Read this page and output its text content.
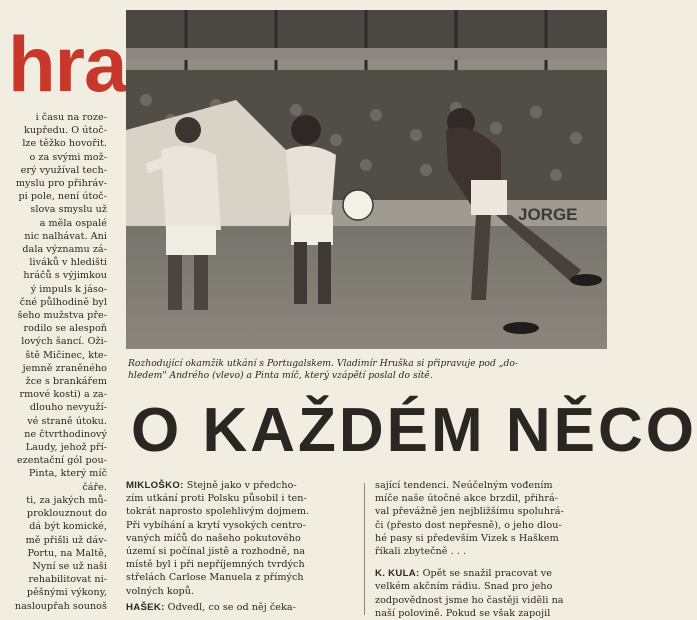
hra

i času na roze-

kupředu. O útoč-

lze těžko hovořit.

o za svými mož-

erý využíval tech-

myslu pro přihráv-

pi pole, není útoč-

slova smyslu už

a měla ospalé

nic nalhávat. Ani

dala významu zá-

liváků v hledišti

hráčů s výjimkou

ý impuls k jáso-

čné půlhodině byl

šeho mužstva pře-

rodilo se alespoň

lových šancí. Oži-

ště Mičinec, kte-

jemně zraněného

žce s brankářem

rmové kosti) a za-

dlouho nevyuží-

vé straně útoku.

ne čtvrthodinový

Laudy, jehož pří-

ezentační gól pou-

Pinta, který míč

čáře.

ti, za jakých mů-

proklouznout do

dá být komické,

mě přišli už dáv-

Portu, na Maltě,

Nyní se už naši

rehabilitovat ni-

pěšnými výkony,

nasloupřah sounoš

JORGE

Rozhodující okamžik utkání s Portugalskem. Vladimír Hruška si připravuje pod „do-

hledem" Andrého (vlevo) a Pinta míč, který vzápětí poslal do sítě.

O KAŽDÉM NĚCO

MIKLOŠKO: Stejně jako v předcho-

zím utkání proti Polsku působil i ten-

tokrát naprosto spolehlivým dojmem.

Při vybíhání a krytí vysokých centro-

vaných míčů do našeho pokutového

území si počínal jistě a rozhodně, na

místě byl i při nepříjemných tvrdých

střelách Carlose Manuela z přímých

volných kopů.

HAŠEK: Odvedl, co se od něj čeka-

sající tendenci. Neúčelným vođením

míče naše útočné akce brzdil, přihrá-

val převážně jen nejbližšímu spoluhrá-

či (přesto dost nepřesně), o jeho dlou-

hé pasy si především Vizek s Haškem

říkali zbytečně . . .

K. KULA: Opět se snažil pracovat ve

velkém akčním rádiu. Snad pro jeho

zodpovědnost jsme ho častěji viděli na

naší polovině. Pokud se však zapojil
